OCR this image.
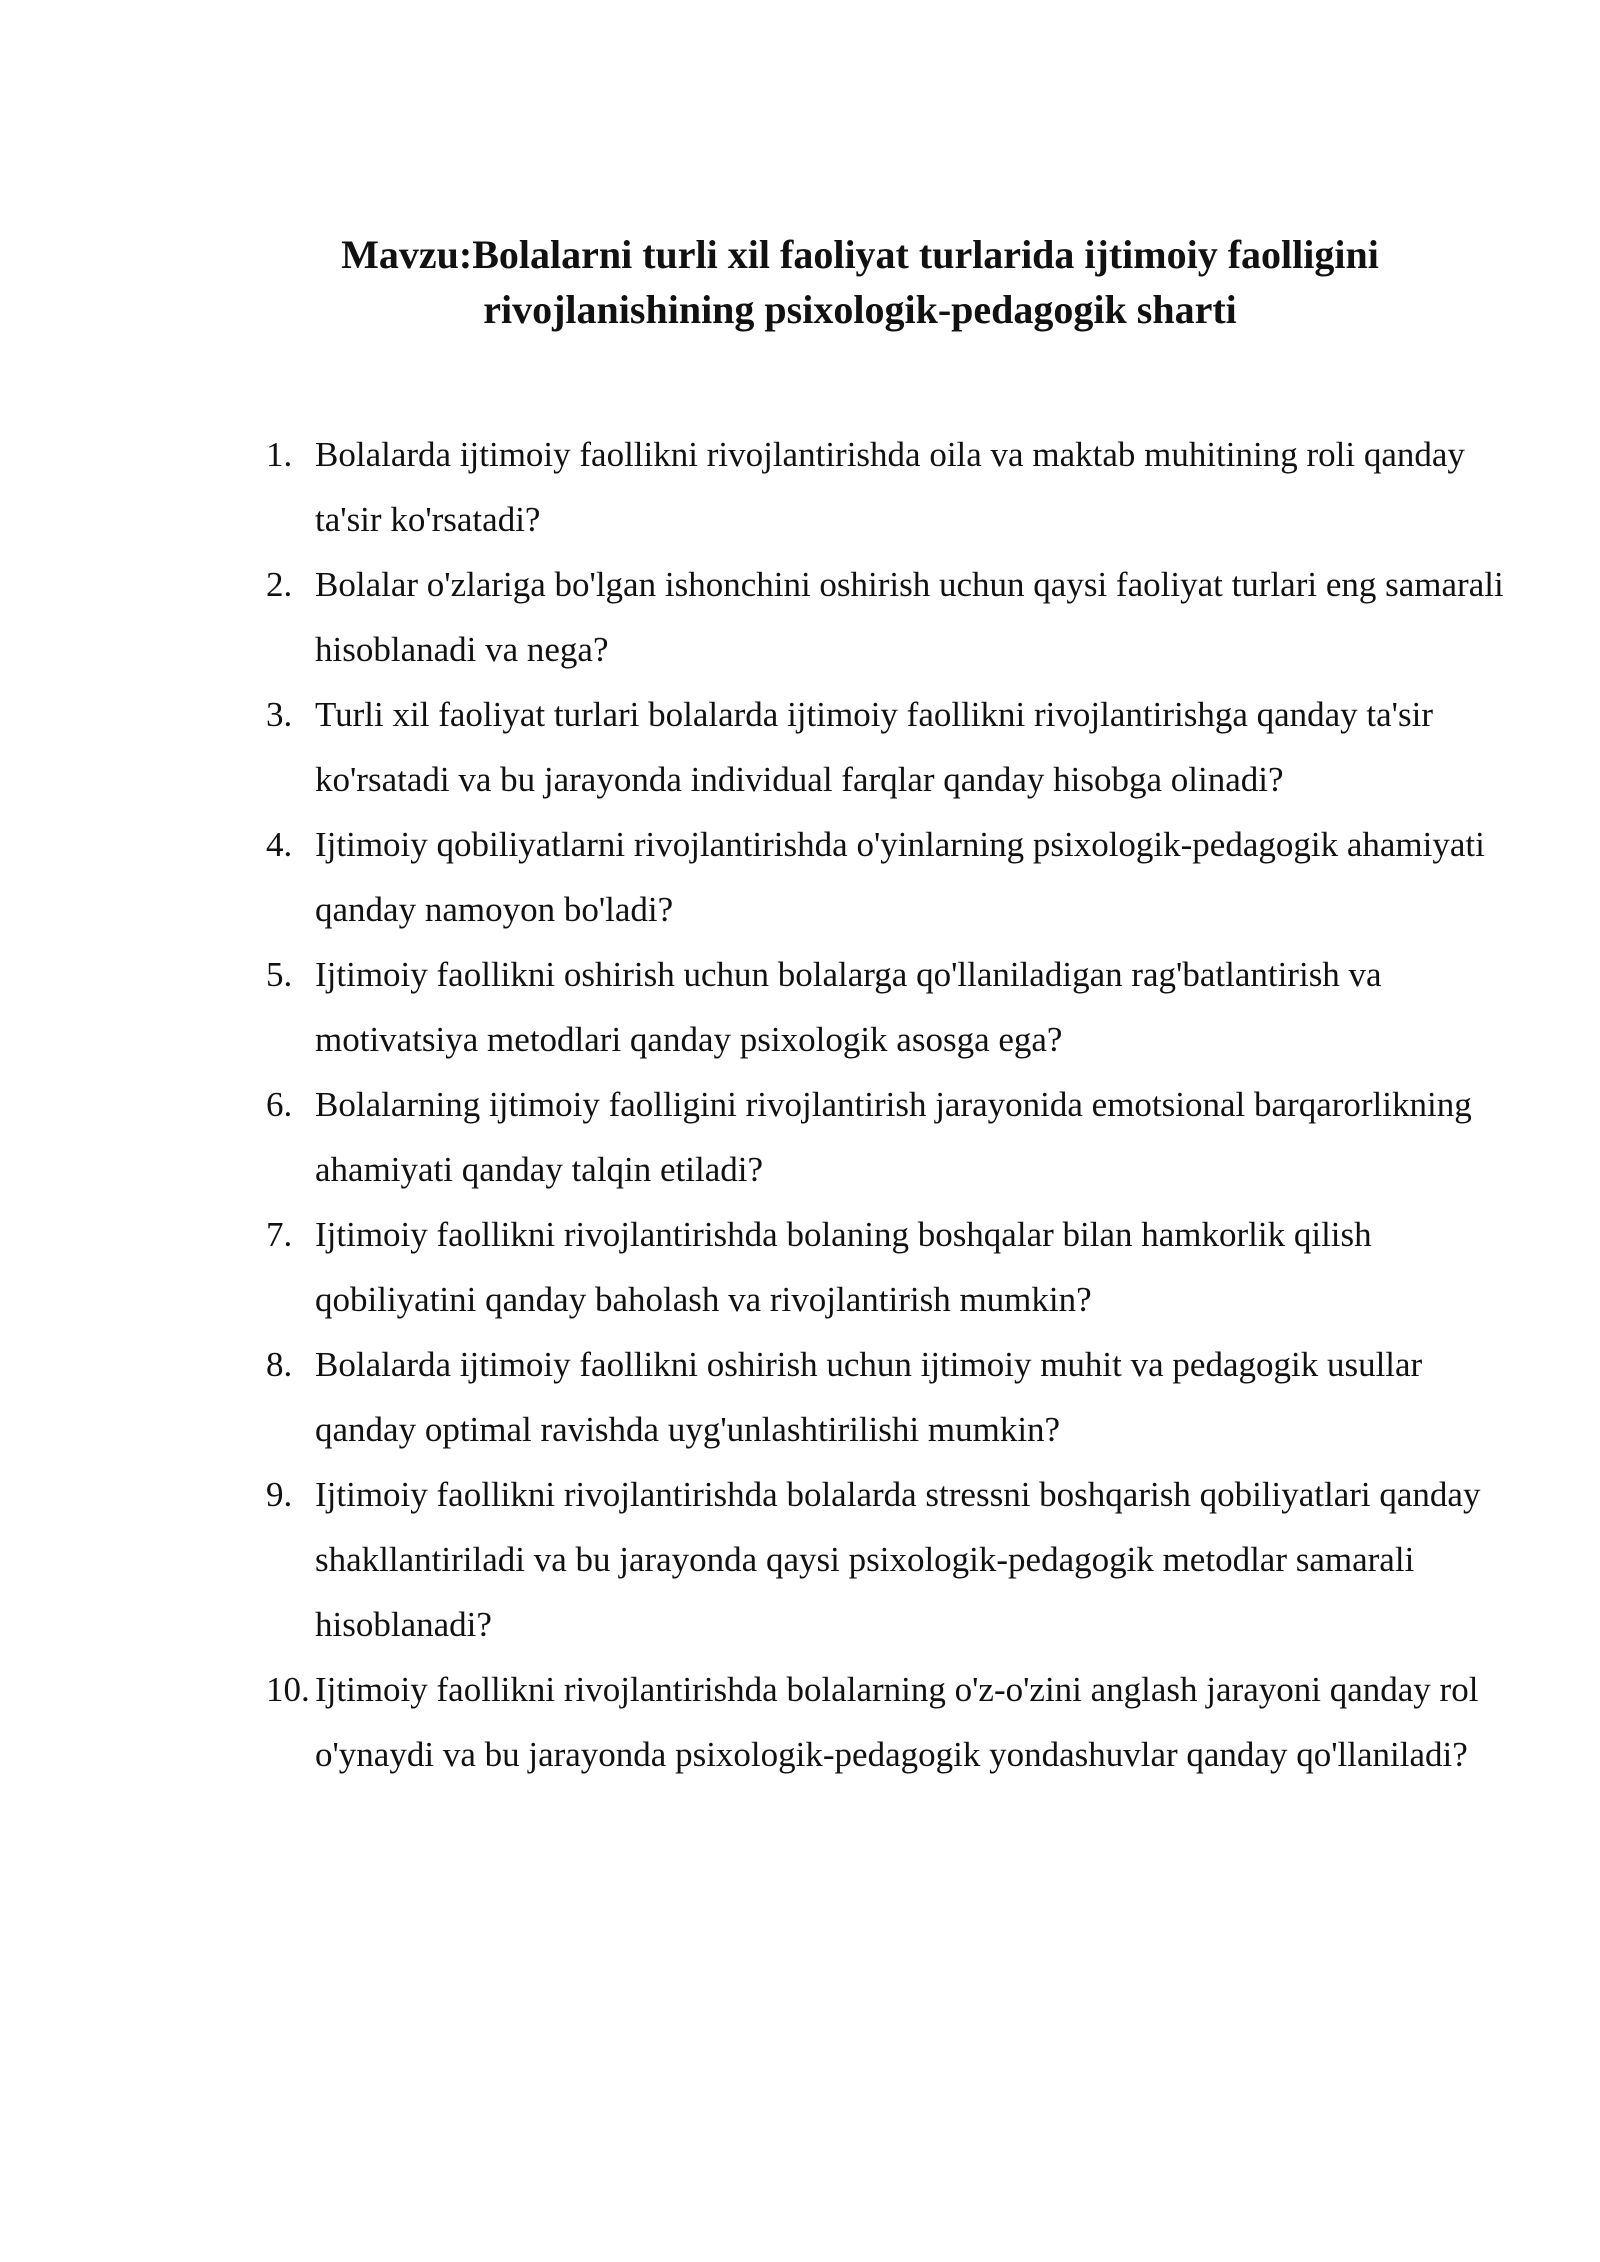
Mavzu:Bolalarni turli xil faoliyat turlarida ijtimoiy faolligini
rivojlanishining psixologik-pedagogik sharti
1. Bolalarda ijtimoiy faollikni rivojlantirishda oila va maktab muhitining roli qanday ta'sir ko'rsatadi?
2. Bolalar o'zlariga bo'lgan ishonchini oshirish uchun qaysi faoliyat turlari eng samarali hisoblanadi va nega?
3. Turli xil faoliyat turlari bolalarda ijtimoiy faollikni rivojlantirishga qanday ta'sir ko'rsatadi va bu jarayonda individual farqlar qanday hisobga olinadi?
4. Ijtimoiy qobiliyatlarni rivojlantirishda o'yinlarning psixologik-pedagogik ahamiyati qanday namoyon bo'ladi?
5. Ijtimoiy faollikni oshirish uchun bolalarga qo'llaniladigan rag'batlantirish va motivatsiya metodlari qanday psixologik asosga ega?
6. Bolalarning ijtimoiy faolligini rivojlantirish jarayonida emotsional barqarorlikning ahamiyati qanday talqin etiladi?
7. Ijtimoiy faollikni rivojlantirishda bolaning boshqalar bilan hamkorlik qilish qobiliyatini qanday baholash va rivojlantirish mumkin?
8. Bolalarda ijtimoiy faollikni oshirish uchun ijtimoiy muhit va pedagogik usullar qanday optimal ravishda uyg'unlashtirilishi mumkin?
9. Ijtimoiy faollikni rivojlantirishda bolalarda stressni boshqarish qobiliyatlari qanday shakllantiriladi va bu jarayonda qaysi psixologik-pedagogik metodlar samarali hisoblanadi?
10. Ijtimoiy faollikni rivojlantirishda bolalarning o'z-o'zini anglash jarayoni qanday rol o'ynaydi va bu jarayonda psixologik-pedagogik yondashuvlar qanday qo'llaniladi?
